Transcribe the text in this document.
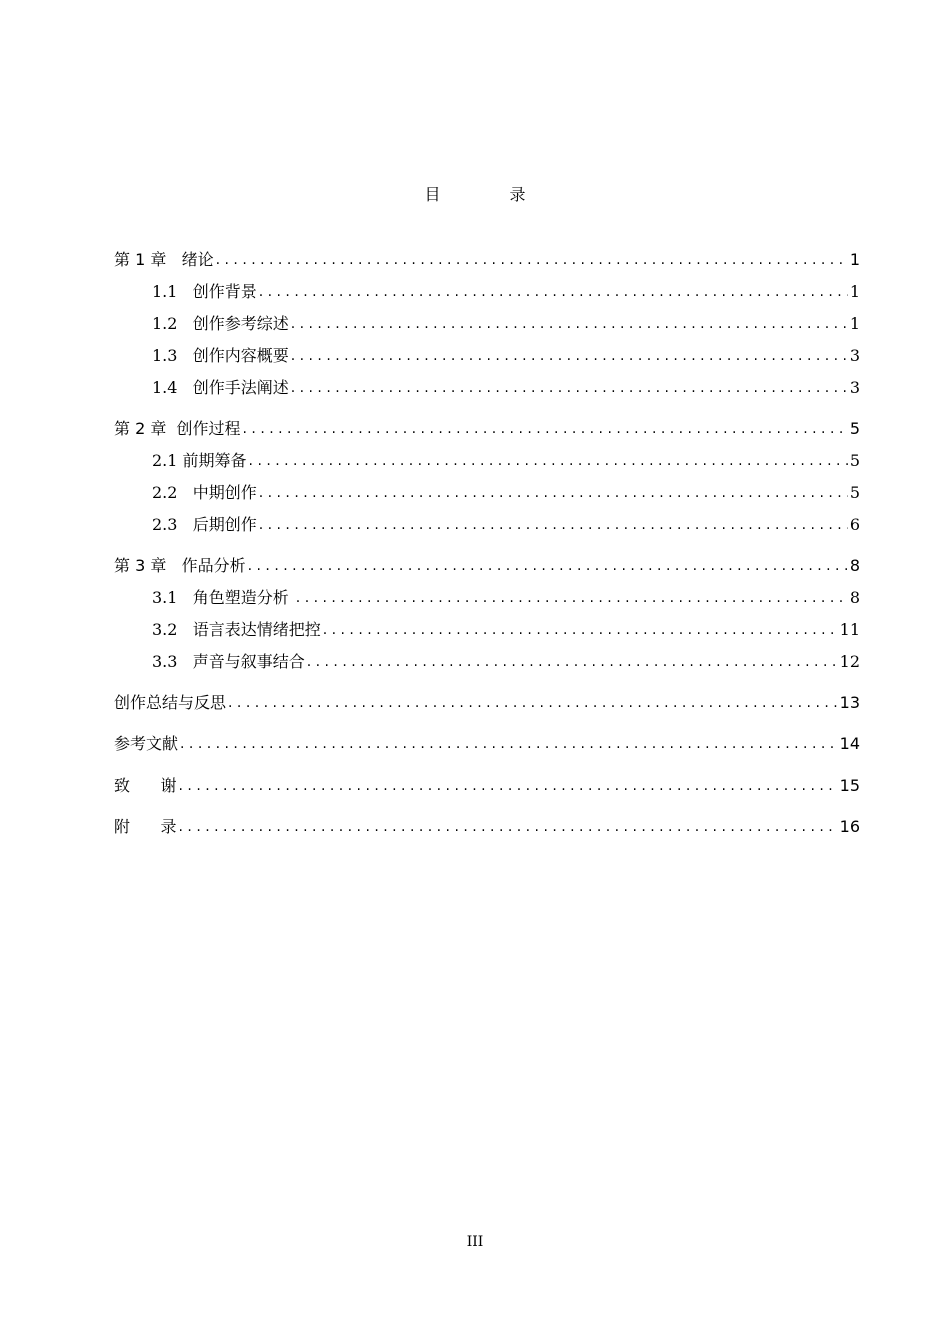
目 录
第 1 章   绪论 . . .	1
1.1   创作背景 . . .	1
1.2   创作参考综述 . . .	1
1.3   创作内容概要 . . .	3
1.4   创作手法阐述 . . .	3
第 2 章  创作过程 . . .	5
2.1 前期筹备 . . .	5
2.2   中期创作 . . .	5
2.3   后期创作 . . .	6
第 3 章   作品分析 . . .	8
3.1   角色塑造分析 . . .	8
3.2   语言表达情绪把控 . . .	11
3.3   声音与叙事结合 . . .	12
创作总结与反思 . . .	13
参考文献 . . .	14
致      谢 . . .	15
附      录 . . .	16
III
